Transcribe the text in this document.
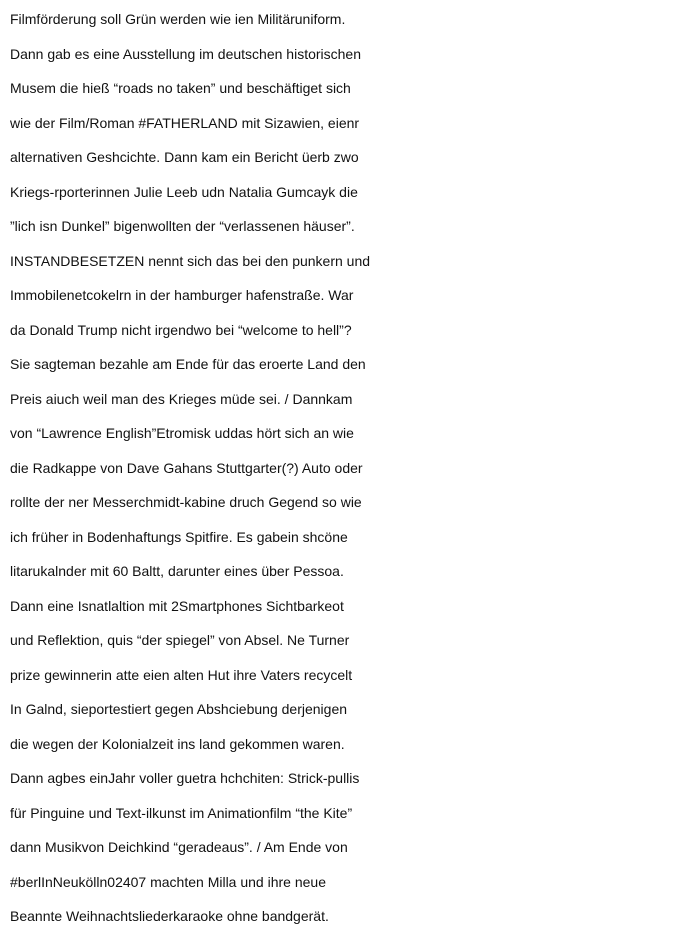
Filmförderung soll Grün werden wie ien Militäruniform.
Dann gab es eine Ausstellung im deutschen historischen
Musem die hieß “roads no taken” und beschäftiget sich
wie der Film/Roman #FATHERLAND mit Sizawien, eienr
alternativen Geshcichte. Dann kam ein Bericht üerb zwo
Kriegs-rporterinnen Julie Leeb udn Natalia Gumcayk die
”lich isn Dunkel” bigenwollten der “verlassenen häuser”.
INSTANDBESETZEN nennt sich das bei den punkern und
Immobilenetcokelrn in der hamburger hafenstraße. War
da Donald Trump nicht irgendwo bei “welcome to hell”?
Sie sagteman bezahle am Ende für das eroerte Land den
Preis aiuch weil man des Krieges müde sei. / Dannkam
von “Lawrence English”Etromisk uddas hört sich an wie
die Radkappe von Dave Gahans Stuttgarter(?) Auto oder
rollte der ner Messerchmidt-kabine druch Gegend so wie
ich früher in Bodenhaftungs Spitfire. Es gabein shcöne
litarukalnder mit 60 Baltt, darunter eines über Pessoa.
Dann eine Isnatlaltion mit 2Smartphones Sichtbarkeot
und Reflektion, quis “der spiegel” von Absel. Ne Turner
prize gewinnerin atte eien alten Hut ihre Vaters recycelt
In Galnd, sieportestiert gegen Abshciebung derjenigen
die wegen der Kolonialzeit ins land gekommen waren.
Dann agbes einJahr voller guetra hchchiten: Strick-pullis
für Pinguine und Text-ilkunst im Animationfilm “the Kite”
dann Musikvon Deichkind “geradeaus”. / Am Ende von
#berlInNeukölln02407 machten Milla und ihre neue
Beannte Weihnachtsliederkaraoke ohne bandgerät.
